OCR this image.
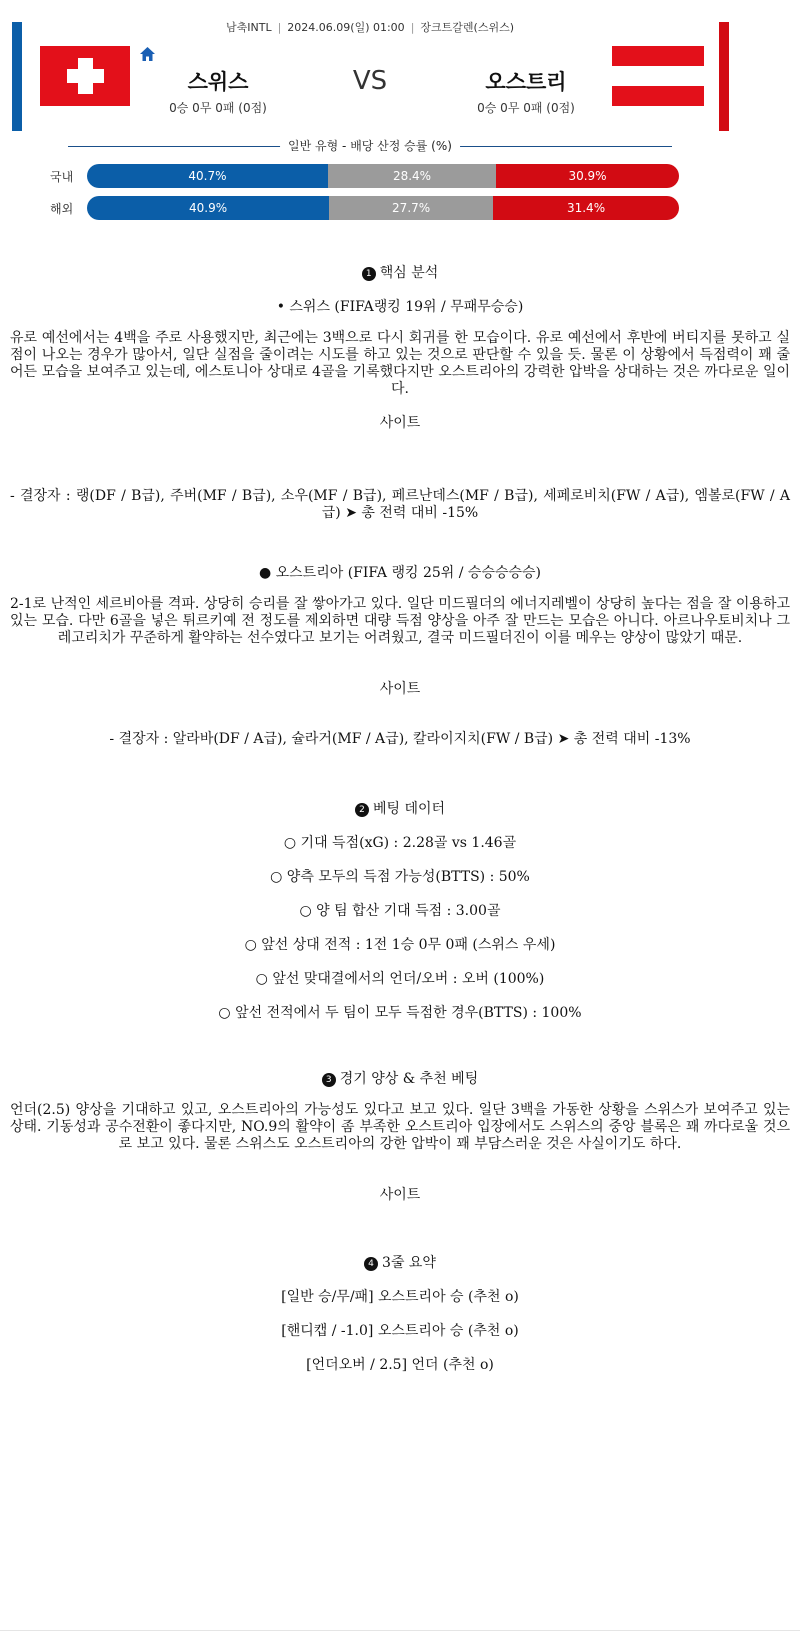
남축INTL | 2024.06.09(일) 01:00 | 장크트갈렌(스위스)
스위스
0승 0무 0패 (0점)
VS	오스트리
0승 0무 0패 (0점)
일반 유형 - 배당 산정 승률 (%)
국내	40.7%	28.4%	30.9%
해외	40.9%	27.7%	31.4%
1 핵심 분석
• 스위스 (FIFA랭킹 19위 / 무패무승승)
유로 예선에서는 4백을 주로 사용했지만, 최근에는 3백으로 다시 회귀를 한 모습이다. 유로 예선에서 후반에 버티지를 못하고 실점이 나오는 경우가 많아서, 일단 실점을 줄이려는 시도를 하고 있는 것으로 판단할 수 있을 듯. 물론 이 상황에서 득점력이 꽤 줄어든 모습을 보여주고 있는데, 에스토니아 상대로 4골을 기록했다지만 오스트리아의 강력한 압박을 상대하는 것은 까다로운 일이다.
사이트
- 결장자 : 랭(DF / B급), 주버(MF / B급), 소우(MF / B급), 페르난데스(MF / B급), 세페로비치(FW / A급), 엠볼로(FW / A급) ➤ 총 전력 대비 -15%
● 오스트리아 (FIFA 랭킹 25위 / 승승승승승)
2-1로 난적인 세르비아를 격파. 상당히 승리를 잘 쌓아가고 있다. 일단 미드필더의 에너지레벨이 상당히 높다는 점을 잘 이용하고 있는 모습. 다만 6골을 넣은 튀르키예 전 정도를 제외하면 대량 득점 양상을 아주 잘 만드는 모습은 아니다. 아르나우토비치나 그레고리치가 꾸준하게 활약하는 선수였다고 보기는 어려웠고, 결국 미드필더진이 이를 메우는 양상이 많았기 때문.
사이트
- 결장자 : 알라바(DF / A급), 슐라거(MF / A급), 칼라이지치(FW / B급) ➤ 총 전력 대비 -13%
2 베팅 데이터
○ 기대 득점(xG) : 2.28골 vs 1.46골
○ 양측 모두의 득점 가능성(BTTS) : 50%
○ 양 팀 합산 기대 득점 : 3.00골
○ 앞선 상대 전적 : 1전 1승 0무 0패 (스위스 우세)
○ 앞선 맞대결에서의 언더/오버 : 오버 (100%)
○ 앞선 전적에서 두 팀이 모두 득점한 경우(BTTS) : 100%
3 경기 양상 & 추천 베팅
언더(2.5) 양상을 기대하고 있고, 오스트리아의 가능성도 있다고 보고 있다. 일단 3백을 가동한 상황을 스위스가 보여주고 있는 상태. 기동성과 공수전환이 좋다지만, NO.9의 활약이 좀 부족한 오스트리아 입장에서도 스위스의 중앙 블록은 꽤 까다로울 것으로 보고 있다. 물론 스위스도 오스트리아의 강한 압박이 꽤 부담스러운 것은 사실이기도 하다.
사이트
4 3줄 요약
[일반 승/무/패] 오스트리아 승 (추천 o)
[핸디캡 / -1.0] 오스트리아 승 (추천 o)
[언더오버 / 2.5] 언더 (추천 o)
